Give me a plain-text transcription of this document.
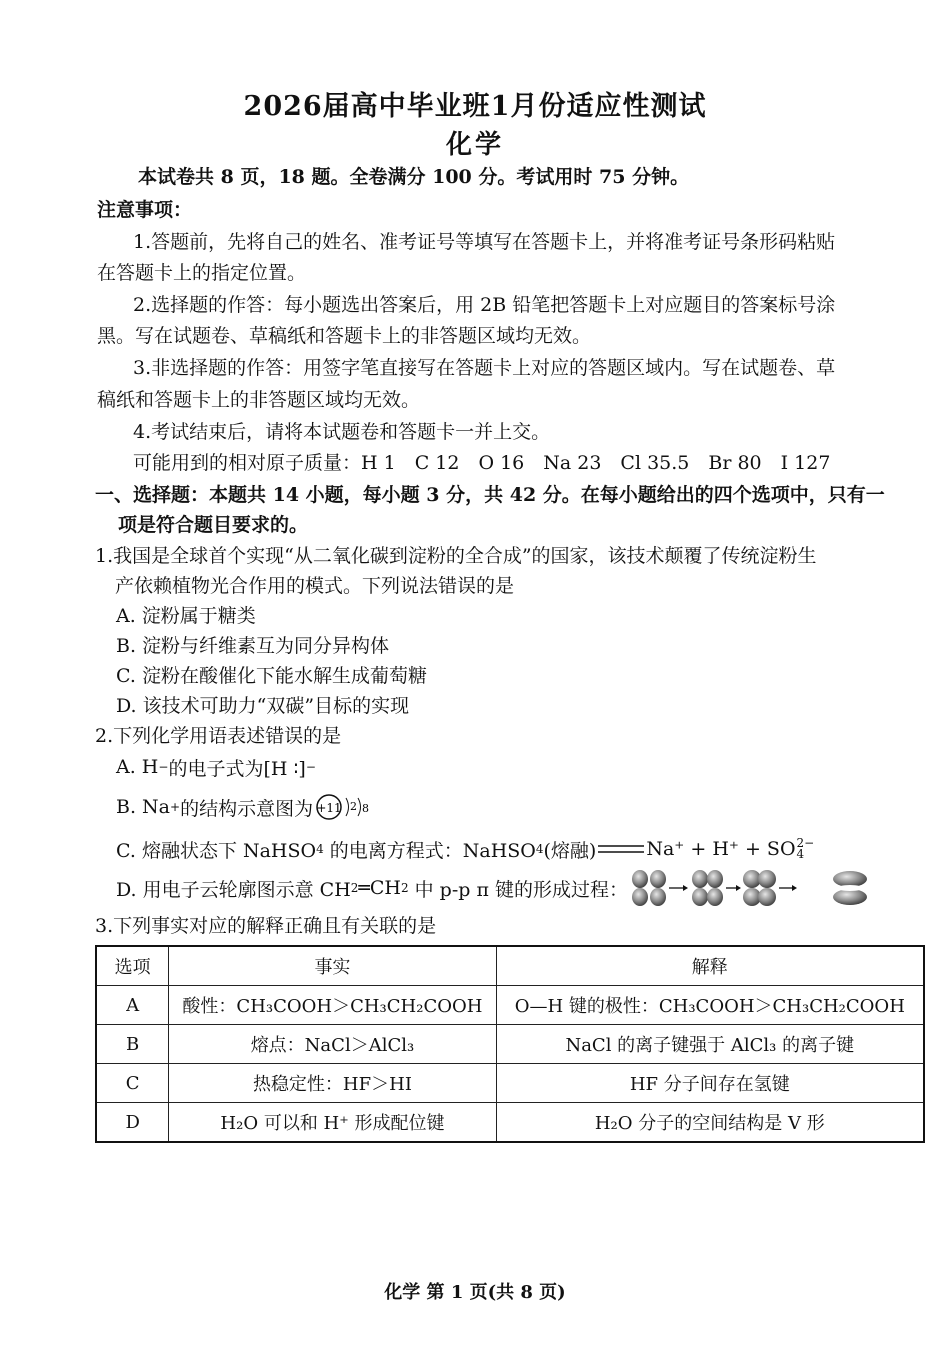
2026届高中毕业班1月份适应性测试
化学
本试卷共 8 页，18 题。全卷满分 100 分。考试用时 75 分钟。
注意事项：
1.答题前，先将自己的姓名、准考证号等填写在答题卡上，并将准考证号条形码粘贴
在答题卡上的指定位置。
2.选择题的作答：每小题选出答案后，用 2B 铅笔把答题卡上对应题目的答案标号涂
黑。写在试题卷、草稿纸和答题卡上的非答题区域均无效。
3.非选择题的作答：用签字笔直接写在答题卡上对应的答题区域内。写在试题卷、草
稿纸和答题卡上的非答题区域均无效。
4.考试结束后，请将本试题卷和答题卡一并上交。
可能用到的相对原子质量：H 1　C 12　O 16　Na 23　Cl 35.5　Br 80　I 127
一、选择题：本题共 14 小题，每小题 3 分，共 42 分。在每小题给出的四个选项中，只有一
项是符合题目要求的。
1.我国是全球首个实现“从二氧化碳到淀粉的全合成”的国家，该技术颠覆了传统淀粉生
产依赖植物光合作用的模式。下列说法错误的是
A. 淀粉属于糖类
B. 淀粉与纤维素互为同分异构体
C. 淀粉在酸催化下能水解生成葡萄糖
D. 该技术可助力“双碳”目标的实现
2.下列化学用语表述错误的是
A. H − 的电子式为[H ∶] −
B. Na + 的结构示意图为 +11 2 8
C. 熔融状态下 NaHSO 4 的电离方程式：NaHSO 4 (熔融)	Na⁺ + H⁺ + SO 2−
4
D. 用电子云轮廓图示意 CH 2 ═CH 2 中 p-p π 键的形成过程：
3.下列事实对应的解释正确且有关联的是
选项	事实	解释
A	酸性：CH₃COOH＞CH₃CH₂COOH	O—H 键的极性：CH₃COOH＞CH₃CH₂COOH
B	熔点：NaCl＞AlCl₃	NaCl 的离子键强于 AlCl₃ 的离子键
C	热稳定性：HF＞HI	HF 分子间存在氢键
D	H₂O 可以和 H⁺ 形成配位键	H₂O 分子的空间结构是 V 形
化学 第 1 页(共 8 页)
